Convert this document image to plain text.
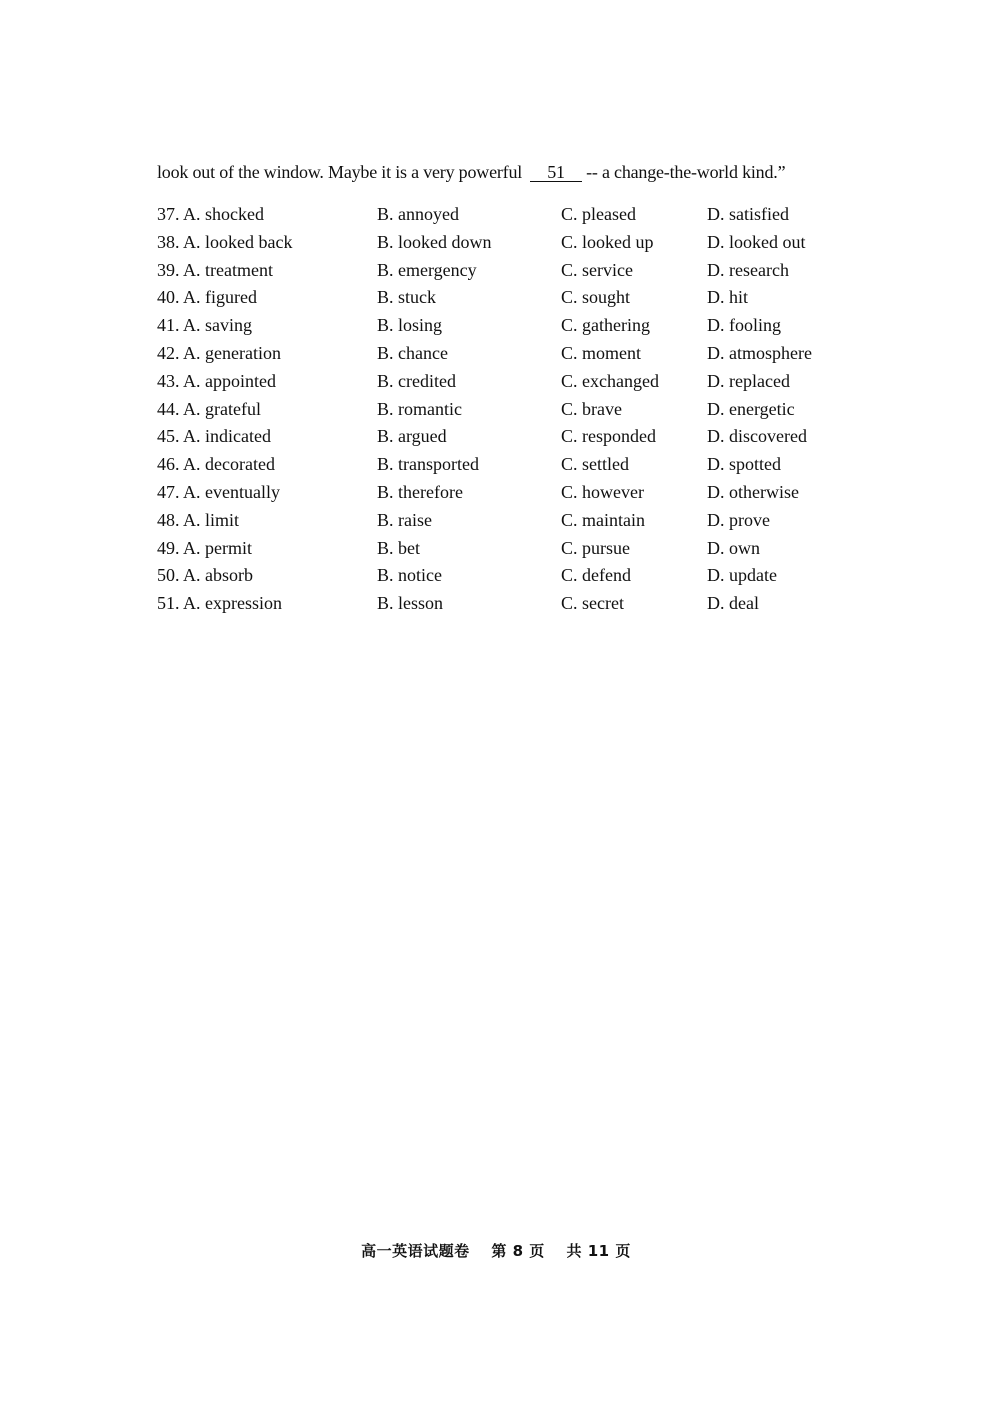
look out of the window. Maybe it is a very powerful 51 -- a change-the-world kind.”
37. A. shocked	B. annoyed	C. pleased	D. satisfied
38. A. looked back	B. looked down	C. looked up	D. looked out
39. A. treatment	B. emergency	C. service	D. research
40. A. figured	B. stuck	C. sought	D. hit
41. A. saving	B. losing	C. gathering	D. fooling
42. A. generation	B. chance	C. moment	D. atmosphere
43. A. appointed	B. credited	C. exchanged	D. replaced
44. A. grateful	B. romantic	C. brave	D. energetic
45. A. indicated	B. argued	C. responded	D. discovered
46. A. decorated	B. transported	C. settled	D. spotted
47. A. eventually	B. therefore	C. however	D. otherwise
48. A. limit	B. raise	C. maintain	D. prove
49. A. permit	B. bet	C. pursue	D. own
50. A. absorb	B. notice	C. defend	D. update
51. A. expression	B. lesson	C. secret	D. deal
高一英语试题卷 第 8 页 共 11 页
